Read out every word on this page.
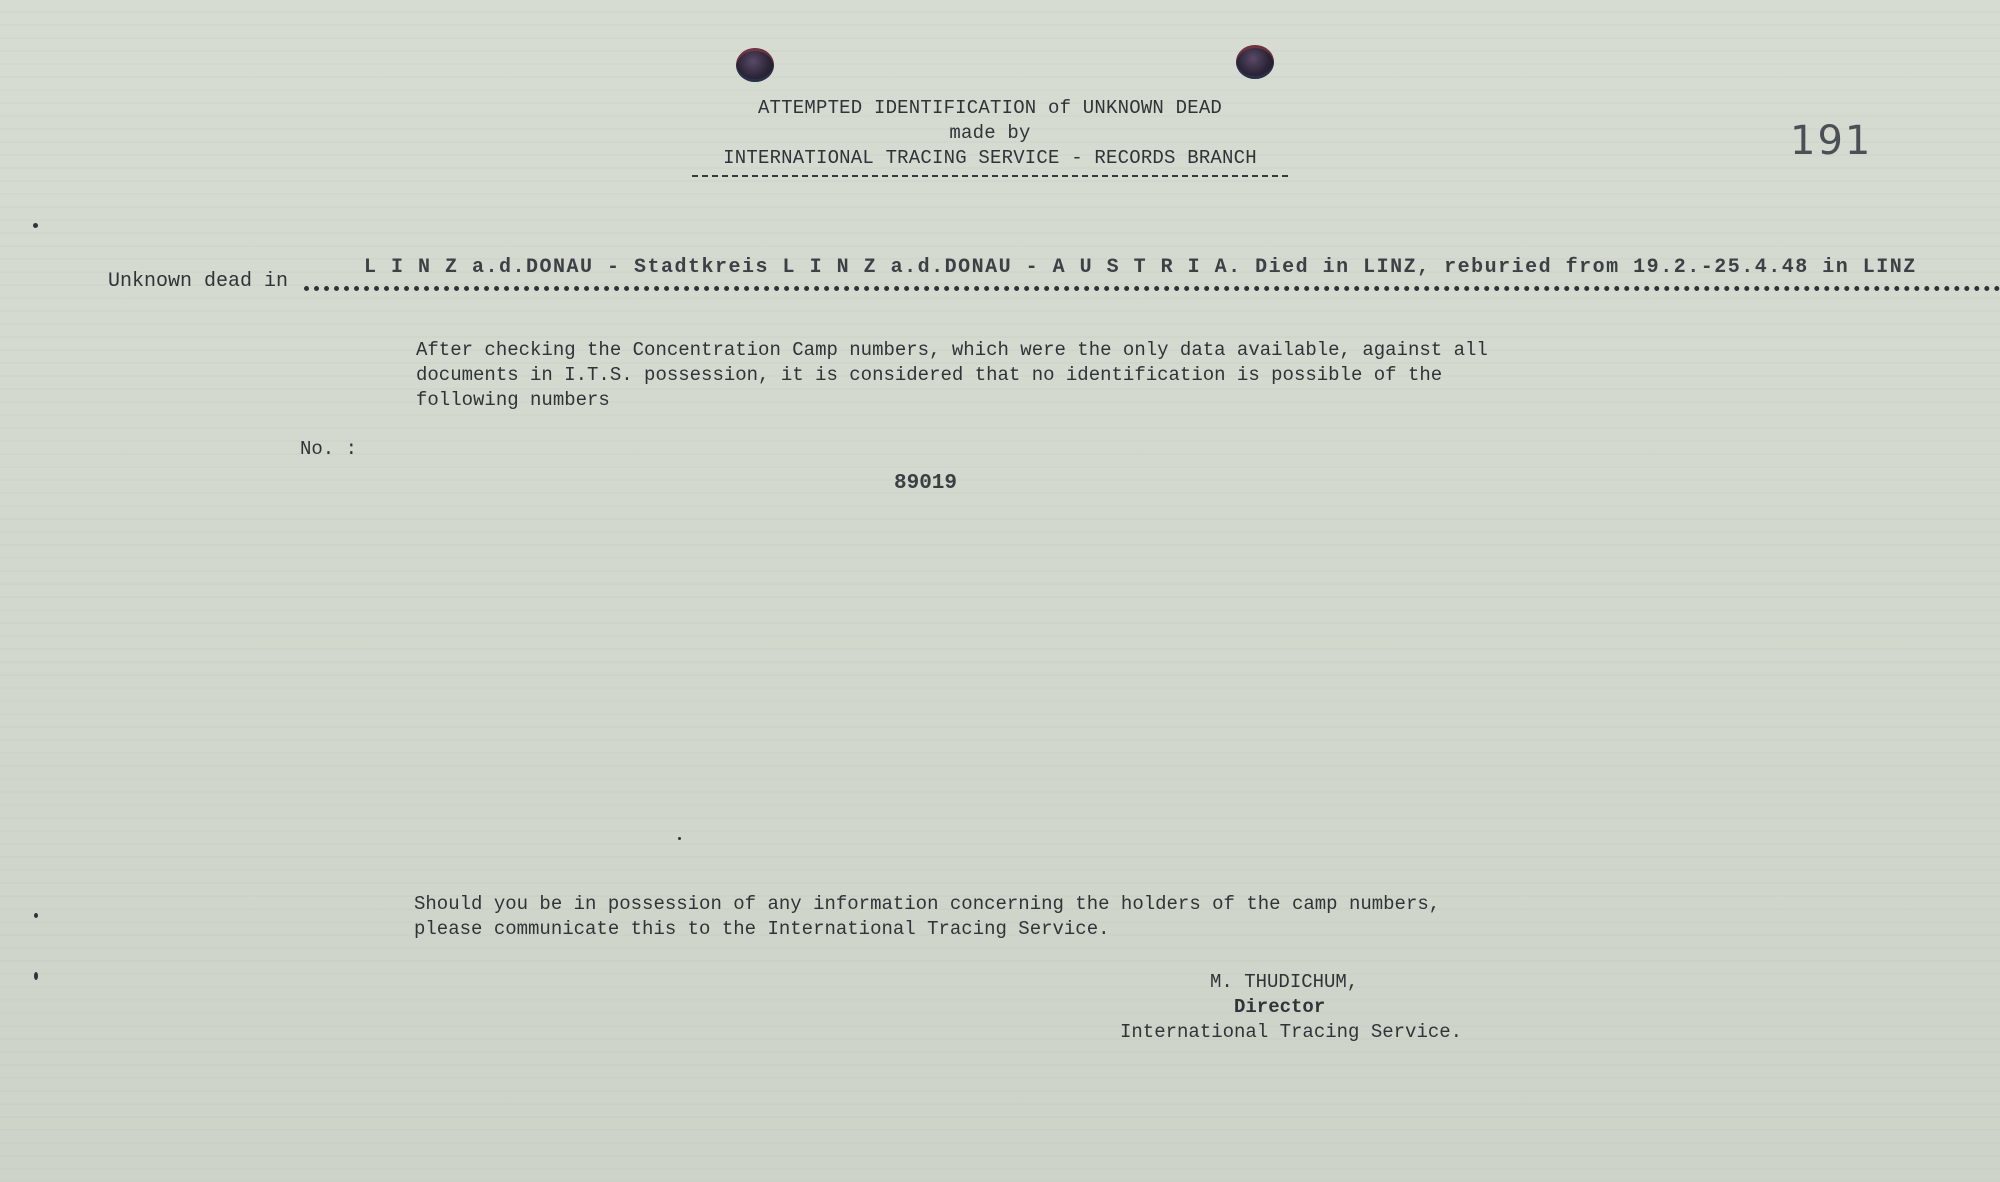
ATTEMPTED IDENTIFICATION of UNKNOWN DEAD
made by
INTERNATIONAL TRACING SERVICE - RECORDS BRANCH	191
Unknown dead in
L I N Z a.d.DONAU - Stadtkreis L I N Z a.d.DONAU - A U S T R I A. Died in LINZ, reburied from 19.2.-25.4.48 in LINZ
After checking the Concentration Camp numbers, which were the only data available, against all
documents in I.T.S. possession, it is considered that no identification is possible of the
following numbers
No. :
89019
Should you be in possession of any information concerning the holders of the camp numbers,
please communicate this to the International Tracing Service.
M. THUDICHUM,
Director
International Tracing Service.
